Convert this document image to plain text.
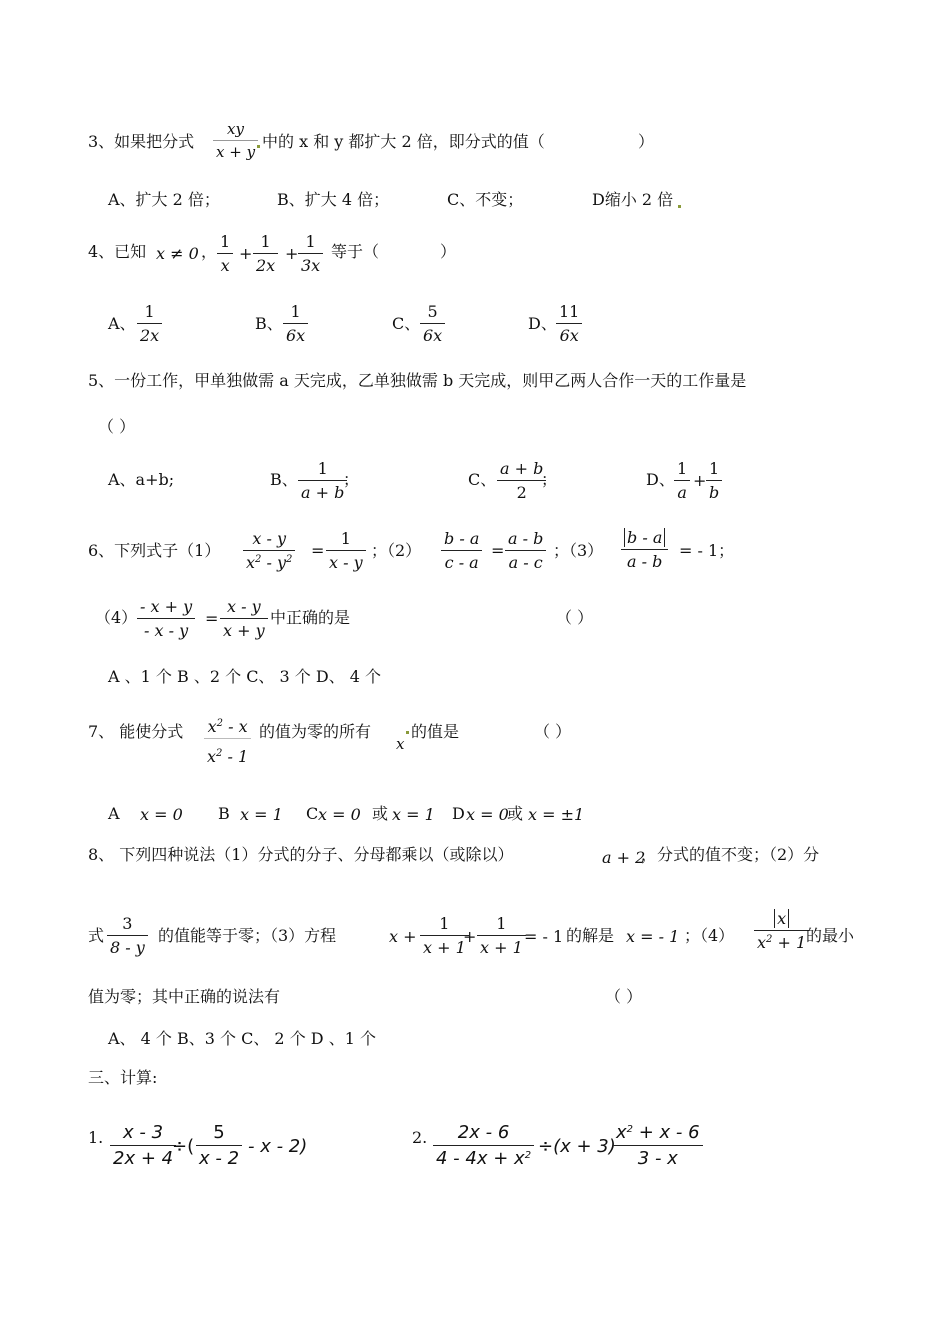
3、如果把分式 $\frac{xy}{x + y}$ 中的 x 和 y 都扩大 2 倍，即分式的值（	）
A、扩大 2 倍；	B、扩大 4 倍；	C、不变；	D缩小 2 倍
4、已知 x ≠ 0 ， $\frac{1}{x} + \frac{1}{2x} + \frac{1}{3x}$ 等于（	）
A、 $\frac{1}{2x}$	B、 $\frac{1}{6x}$	C、 $\frac{5}{6x}$	D、 $\frac{11}{6x}$
5、一份工作，甲单独做需 a 天完成，乙单独做需 b 天完成，则甲乙两人合作一天的工作量是
（ ）
A、a+b;	B、 $\frac{1}{a + b}$
；	C、 $\frac{a + b}{2}$
；	D、 $\frac{1}{a} + \frac{1}{b}$
6、下列式子$(1) \frac{x - y}{x^2 - y^2} = \frac{1}{x - y}$ ；$(2) \frac{b - a}{c - a} = \frac{a - b}{a - c}$ ；$(3) \frac{b - a}{a - b}$ = - 1；
$(4) \frac{- x + y}{- x - y} = \frac{x - y}{x + y}$ 中正确的是	（ ）
A 、1 个 B 、2 个 C、 3 个 D、 4 个
7、 能使分式 $\frac{x^2 - x}{x^2 - 1}$ 的值为零的所有
x
的值是	（ ）
A x = 0 B x = 1 C x = 0 或 x = 1 D x = 0
或 x = ±1
8、 下列四种说法（1）分式的分子、分母都乘以（或除以）	a + 2
，分式的值不变；（2）分
式 $\frac{3}{8 - y}$ 的值能等于零；（3）方程	$x + \frac{1}{x + 1}$
+ $\frac{1}{x + 1}$
= - 1 的解是 x = - 1 ；$(4) \frac{x}{x^2 + 1}$
的最小
值为零；其中正确的说法有	（ ）
A、 4 个 B、3 个 C、 2 个 D 、1 个
三、计算:
1. $\frac{x - 3}{2x + 4}$
÷( $\frac{5}{x - 2}$ - x - 2)	2. $\frac{2x - 6}{4 - 4x + x^2} \div(x + 3)$
$\frac{x^2 + x - 6}{3 - x}$
